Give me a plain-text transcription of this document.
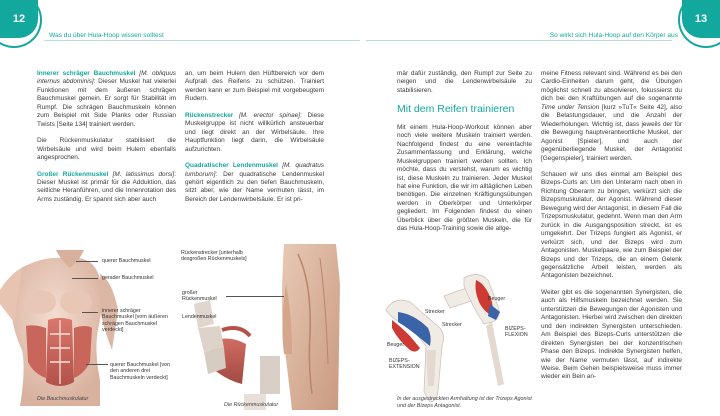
12
Was du über Hula-Hoop wissen solltest	So wirkt sich Hula-Hoop auf den Körper aus
13

Innerer schräger Bauchmuskel [M. obliquus internus abdominis]: Dieser Muskel hat vielerlei Funktionen mit dem äußeren schrägen Bauchmuskel gemein. Er sorgt für Stabilität im Rumpf. Die schrägen Bauchmuskeln können zum Beispiel mit Side Planks oder Russian Twists [Seite 134] trainiert werden.

Die Rückenmuskulatur stabilisiert die Wirbelsäule und wird beim Hulern ebenfalls angesprochen.

Großer Rückenmuskel [M. latissimus dorsi]: Dieser Muskel ist primär für die Adduktion, das seitliche Heranführen, und die Innenrotation des Arms zuständig. Er spannt sich aber auch

an, um beim Hulern den Hüftbereich vor dem Aufprall des Reifens zu schützen. Trainiert werden kann er zum Beispiel mit vorgebeugtem Rudern.

Rückenstrecker [M. erector spinae]: Diese Muskelgruppe ist nicht willkürlich ansteuerbar und liegt direkt an der Wirbelsäule. Ihre Hauptfunktion liegt darin, die Wirbelsäule aufzurichten.

Quadratischer Lendenmuskel [M. quadratus lumborum]: Der quadratische Lendenmuskel gehört eigentlich zu den tiefen Bauchmuskeln, sitzt aber, wie der Name vermuten lässt, im Bereich der Lendenwirbelsäule. Er ist pri-

mär dafür zuständig, den Rumpf zur Seite zu neigen und die Lendenwirbelsäule zu stabilisieren.

Mit dem Reifen trainieren

Mit einem Hula-Hoop-Workout können aber noch viele weitere Muskeln trainiert werden. Nachfolgend findest du eine vereinfachte Zusammenfassung und Erklärung, welche Muskelgruppen trainiert werden sollten. Ich möchte, dass du verstehst, warum es wichtig ist, diese Muskeln zu trainieren. Jeder Muskel hat eine Funktion, die wir im alltäglichen Leben benötigen. Die einzelnen Kräftigungsübungen werden in Oberkörper und Unterkörper gegliedert. Im Folgenden findest du einen Überblick über die größten Muskeln, die für das Hula-Hoop-Training sowie die allge-

meine Fitness relevant sind. Während es bei den Cardio-Einheiten darum geht, die Übungen möglichst schnell zu absolvieren, fokussierst du dich bei den Kraftübungen auf die sogenannte Time under Tension [kurz »TuT« Seite 42], also die Belastungsdauer, und die Anzahl der Wiederholungen. Wichtig ist, dass jeweils der für die Bewegung hauptverantwortliche Muskel, der Agonist [Spieler], und auch der gegenüberliegende Muskel, der Antagonist [Gegenspieler], trainiert werden.

Schauen wir uns dies einmal am Beispiel des Bizeps-Curls an: Um den Unterarm nach oben in Richtung Oberarm zu bringen, verkürzt sich die Bizepsmuskulatur, der Agonist. Während dieser Bewegung wird der Antagonist, in diesem Fall die Trizepsmuskulatur, gedehnt. Wenn man den Arm zurück in die Ausgangsposition streckt, ist es umgekehrt. Der Trizeps fungiert als Agonist, er verkürzt sich, und der Bizeps wird zum Antagonisten. Muskelpaare, wie zum Beispiel der Bizeps und der Trizeps, die an einem Gelenk gegensätzliche Arbeit leisten, werden als Antagonisten bezeichnet.

Weiter gibt es die sogenannten Synergisten, die auch als Hilfsmuskeln bezeichnet werden. Sie unterstützen die Bewegungen der Agonisten und Antagonisten. Hierbei wird zwischen den direkten und den indirekten Synergisten unterschieden. Am Beispiel des Bizeps-Curls unterstützen die direkten Synergisten bei der konzentrischen Phase den Bizeps. Indirekte Synergisten helfen, wie der Name vermuten lässt, auf indirekte Weise. Beim Gehen beispielsweise muss immer wieder ein Bein an-

querer Bauchmuskel
gerader Bauchmuskel
innerer schräger Bauchmuskel [vom äußeren schrägen Bauchmuskel verdeckt]
querer Bauchmuskel [von den anderen drei Bauchmuskeln verdeckt]
Die Bauchmuskulatur
Rückenstrecker [unterhalb desgroßen Rückenmuskels]
großer Rückenmuskel
Lendenmuskel
Die Rückenmuskulatur
Beuger
Strecker
Strecker
Beuger
BIZEPS-EXTENSION
BIZEPS-FLEXION
In der ausgestreckten Armhaltung ist der Trizeps Agonist und der Bizeps Antagonist.
